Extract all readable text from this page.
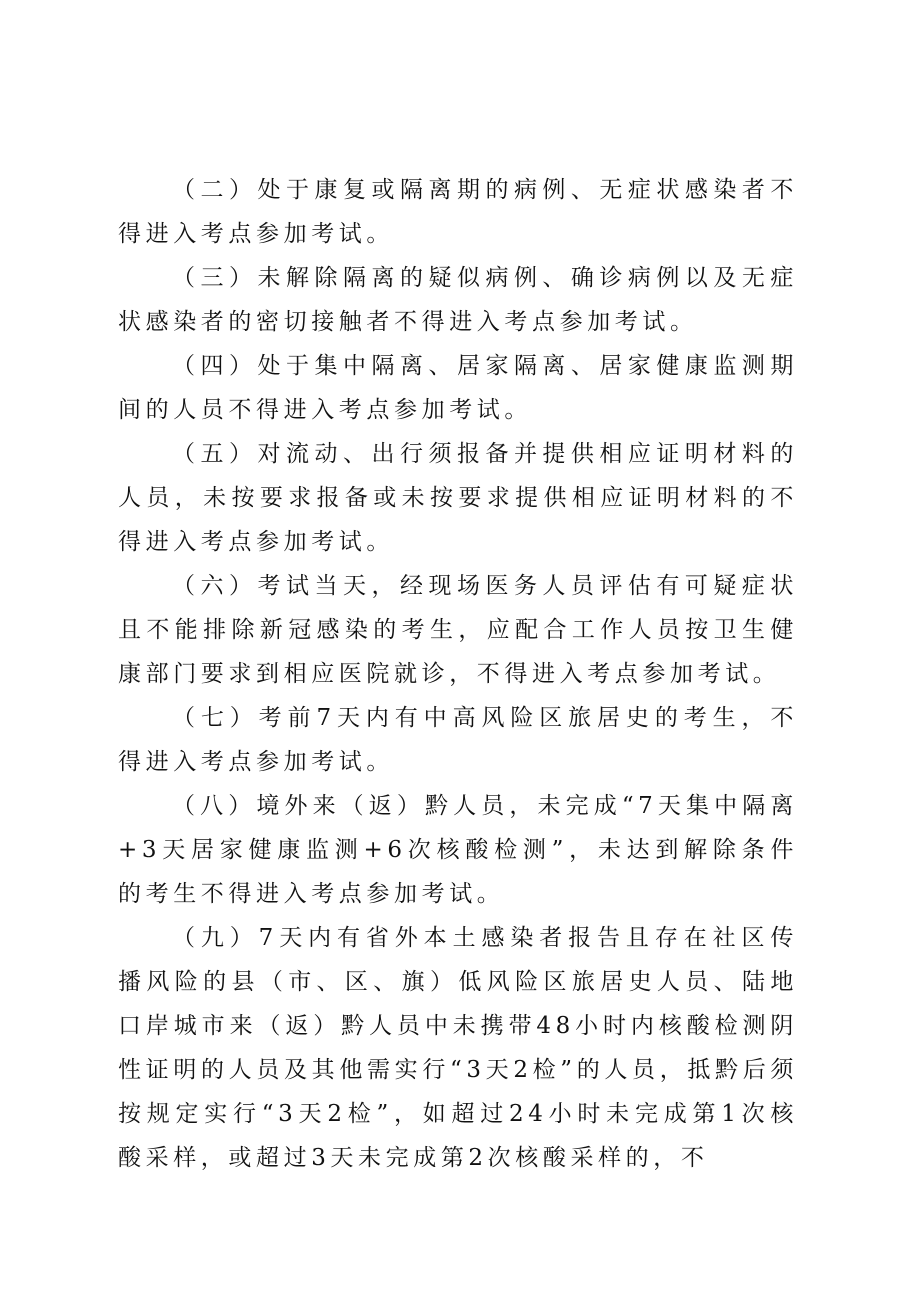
（二）处于康复或隔离期的病例、无症状感染者不得进入考点参加考试。

（三）未解除隔离的疑似病例、确诊病例以及无症状感染者的密切接触者不得进入考点参加考试。

（四）处于集中隔离、居家隔离、居家健康监测期间的人员不得进入考点参加考试。

（五）对流动、出行须报备并提供相应证明材料的人员，未按要求报备或未按要求提供相应证明材料的不得进入考点参加考试。

（六）考试当天，经现场医务人员评估有可疑症状且不能排除新冠感染的考生，应配合工作人员按卫生健康部门要求到相应医院就诊，不得进入考点参加考试。

（七）考前7天内有中高风险区旅居史的考生，不得进入考点参加考试。

（八）境外来（返）黔人员，未完成“7天集中隔离+3天居家健康监测+6次核酸检测”，未达到解除条件的考生不得进入考点参加考试。

（九）7天内有省外本土感染者报告且存在社区传播风险的县（市、区、旗）低风险区旅居史人员、陆地口岸城市来（返）黔人员中未携带48小时内核酸检测阴性证明的人员及其他需实行“3天2检”的人员，抵黔后须按规定实行“3天2检”，如超过24小时未完成第1次核酸采样，或超过3天未完成第2次核酸采样的，不
